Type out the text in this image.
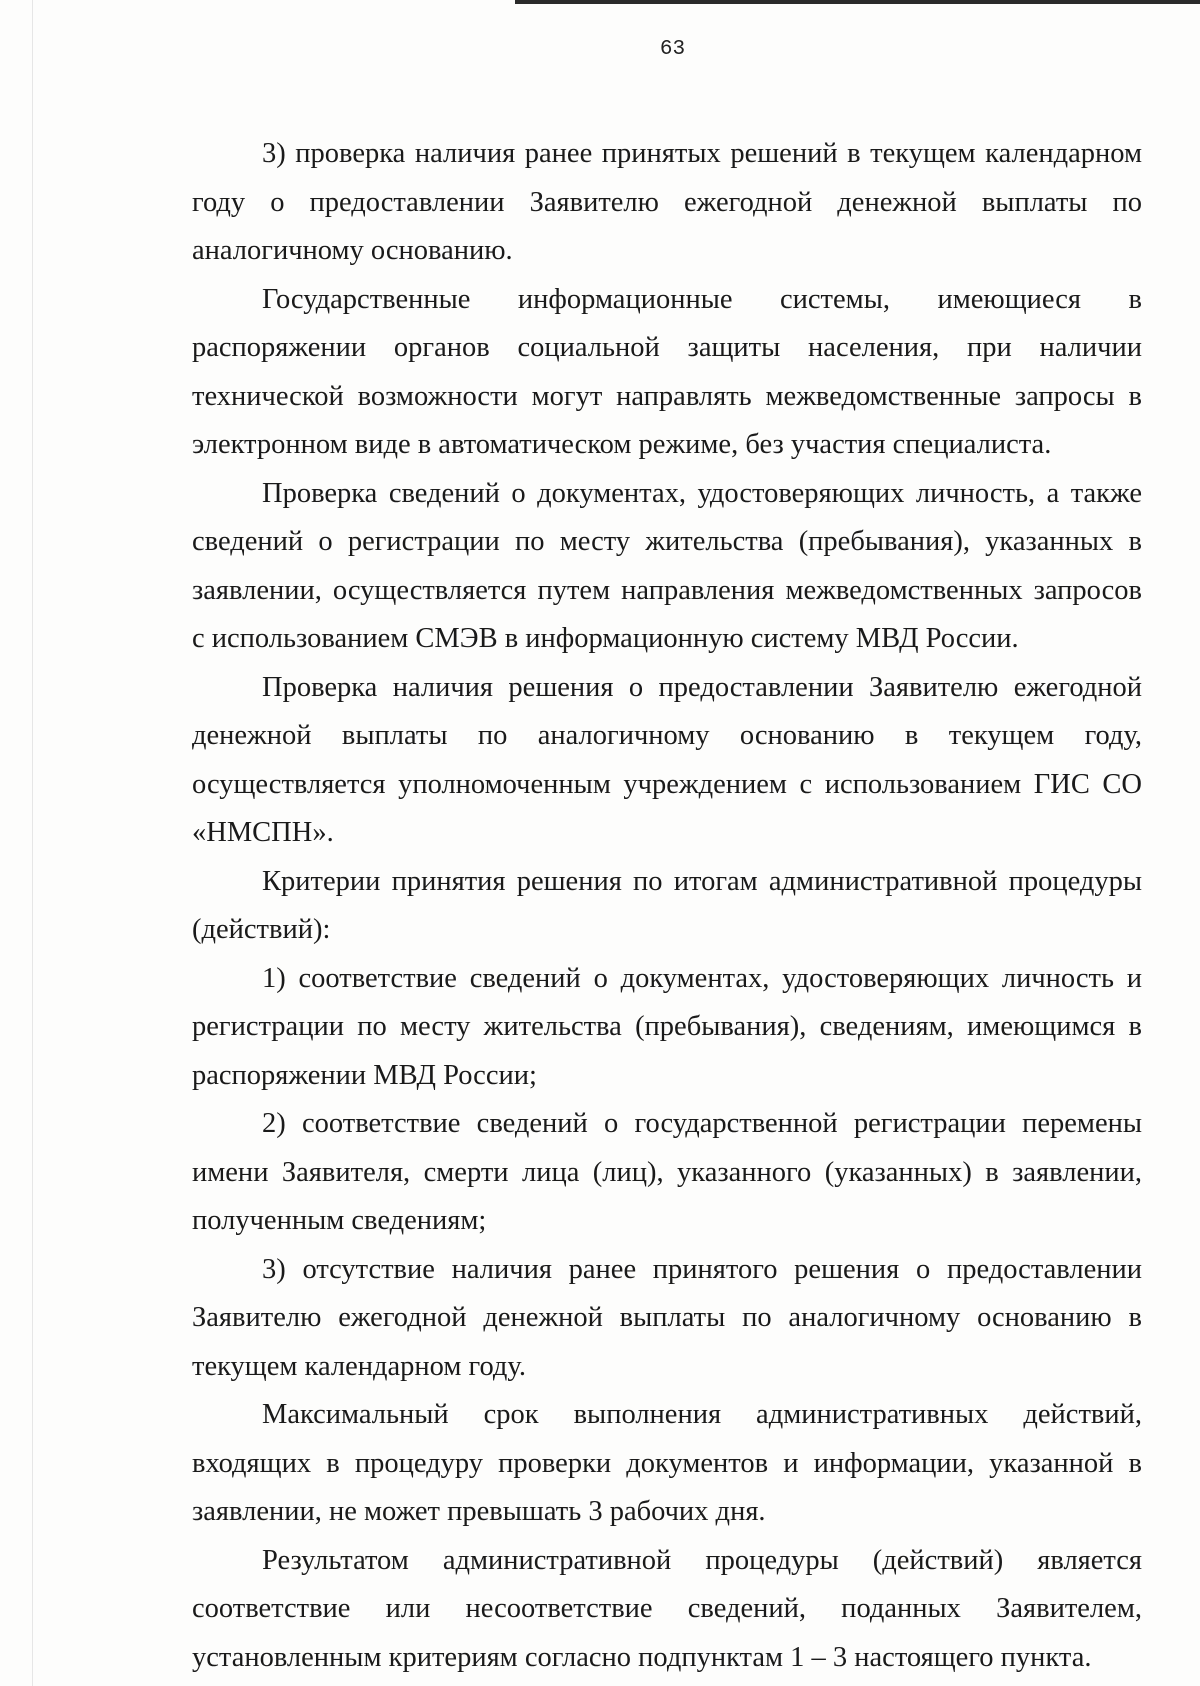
63

3) проверка наличия ранее принятых решений в текущем календарном году о предоставлении Заявителю ежегодной денежной выплаты по аналогичному основанию.

Государственные информационные системы, имеющиеся в распоряжении органов социальной защиты населения, при наличии технической возможности могут направлять межведомственные запросы в электронном виде в автоматическом режиме, без участия специалиста.

Проверка сведений о документах, удостоверяющих личность, а также сведений о регистрации по месту жительства (пребывания), указанных в заявлении, осуществляется путем направления межведомственных запросов с использованием СМЭВ в информационную систему МВД России.

Проверка наличия решения о предоставлении Заявителю ежегодной денежной выплаты по аналогичному основанию в текущем году, осуществляется уполномоченным учреждением с использованием ГИС СО «НМСПН».

Критерии принятия решения по итогам административной процедуры (действий):

1) соответствие сведений о документах, удостоверяющих личность и регистрации по месту жительства (пребывания), сведениям, имеющимся в распоряжении МВД России;

2) соответствие сведений о государственной регистрации перемены имени Заявителя, смерти лица (лиц), указанного (указанных) в заявлении, полученным сведениям;

3) отсутствие наличия ранее принятого решения о предоставлении Заявителю ежегодной денежной выплаты по аналогичному основанию в текущем календарном году.

Максимальный срок выполнения административных действий, входящих в процедуру проверки документов и информации, указанной в заявлении, не может превышать 3 рабочих дня.

Результатом административной процедуры (действий) является соответствие или несоответствие сведений, поданных Заявителем, установленным критериям согласно подпунктам 1 – 3 настоящего пункта.
